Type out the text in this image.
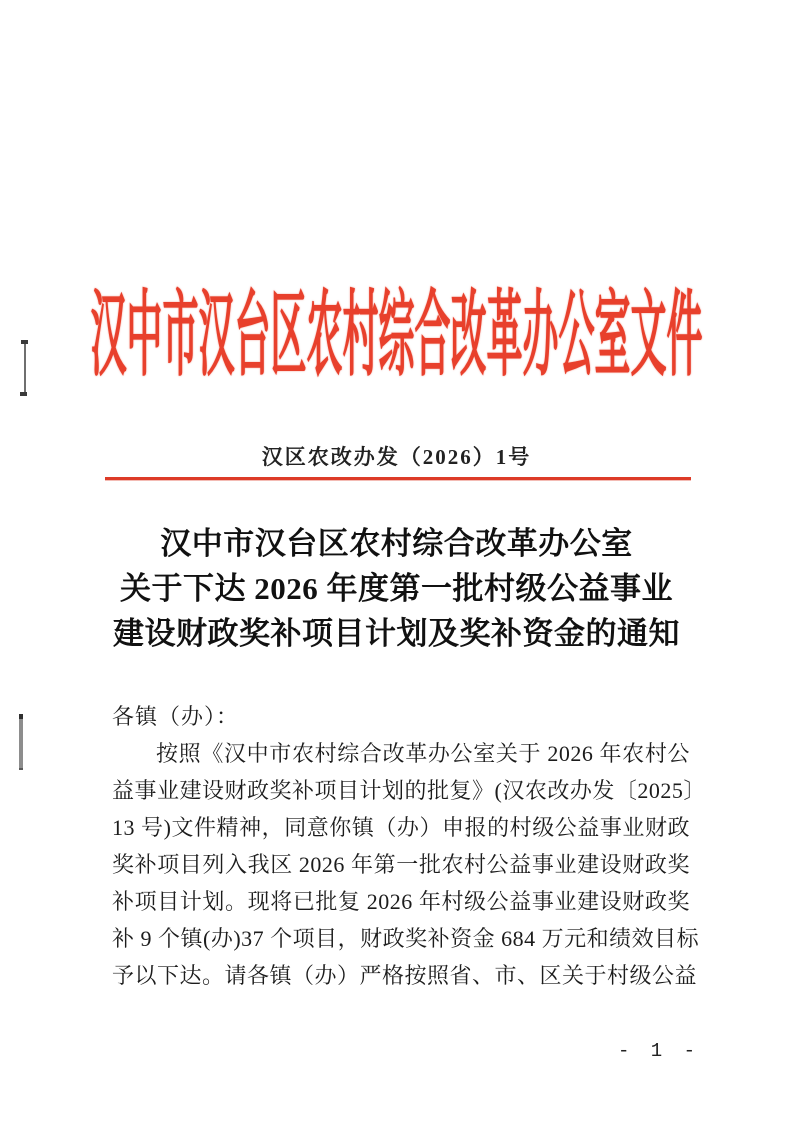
汉中市汉台区农村综合改革办公室文件
汉区农改办发（2026）1号
汉中市汉台区农村综合改革办公室
关于下达 2026 年度第一批村级公益事业
建设财政奖补项目计划及奖补资金的通知
各镇（办）：
按照《汉中市农村综合改革办公室关于 2026 年农村公
益事业建设财政奖补项目计划的批复》(汉农改办发〔2025〕
13 号)文件精神，同意你镇（办）申报的村级公益事业财政
奖补项目列入我区 2026 年第一批农村公益事业建设财政奖
补项目计划。现将已批复 2026 年村级公益事业建设财政奖
补 9 个镇(办)37 个项目，财政奖补资金 684 万元和绩效目标
予以下达。请各镇（办）严格按照省、市、区关于村级公益
- 1 -
